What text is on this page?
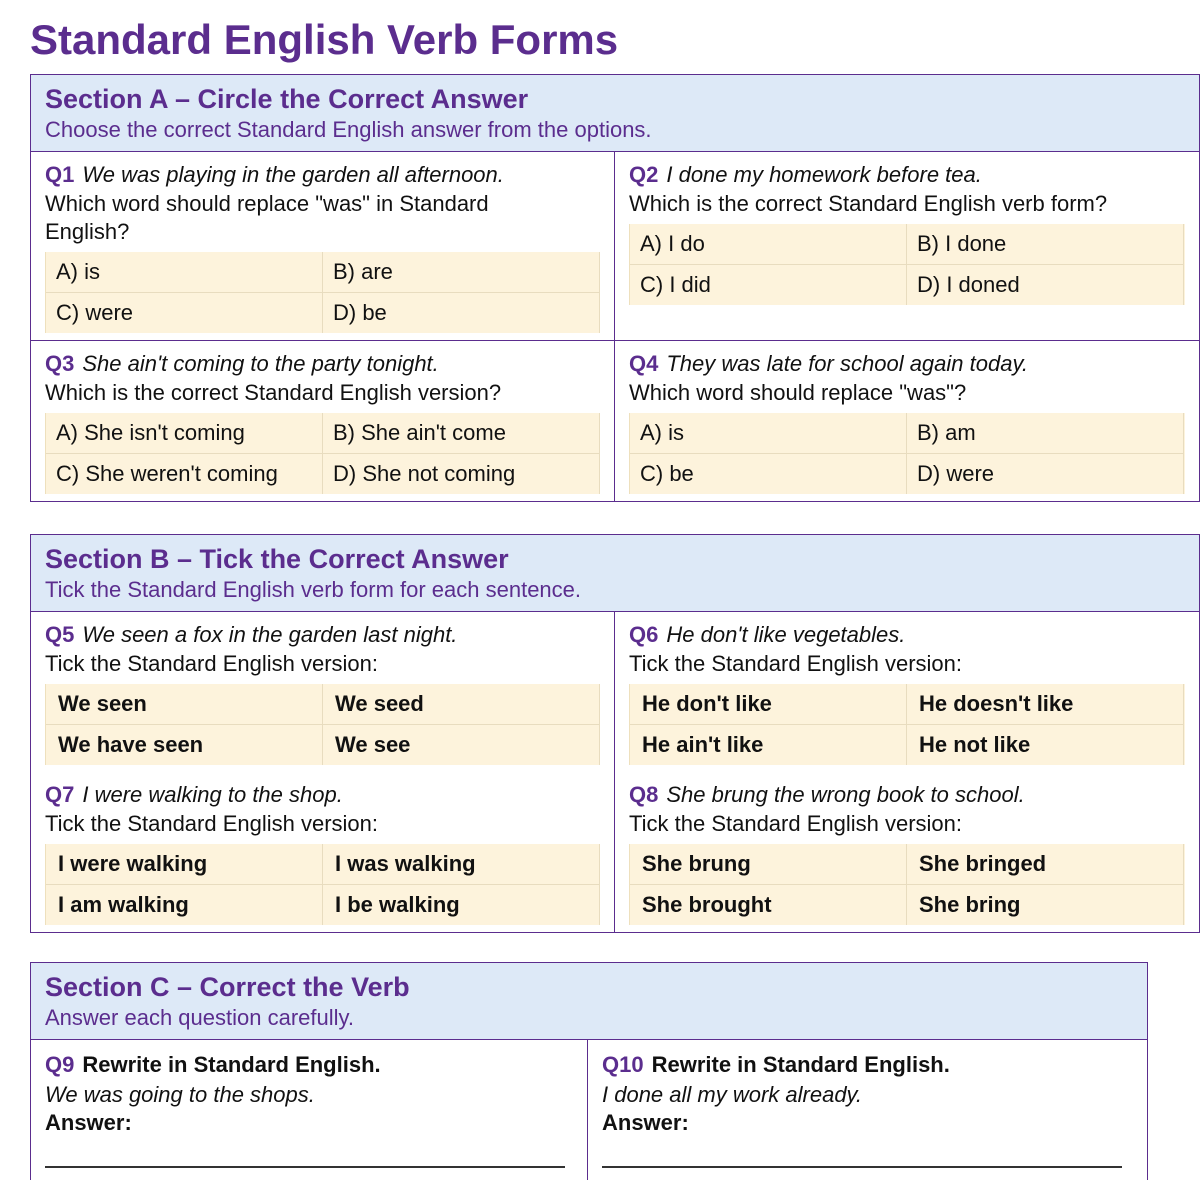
Standard English Verb Forms
Section A – Circle the Correct Answer
Choose the correct Standard English answer from the options.
Q1 We was playing in the garden all afternoon.
Which word should replace "was" in Standard English?
A) is	B) are
C) were	D) be
Q2 I done my homework before tea.
Which is the correct Standard English verb form?
A) I do	B) I done
C) I did	D) I doned
Q3 She ain't coming to the party tonight.
Which is the correct Standard English version?
A) She isn't coming	B) She ain't come
C) She weren't coming	D) She not coming
Q4 They was late for school again today.
Which word should replace "was"?
A) is	B) am
C) be	D) were
Section B – Tick the Correct Answer
Tick the Standard English verb form for each sentence.
Q5 We seen a fox in the garden last night.
Tick the Standard English version:
We seen	We seed
We have seen	We see
Q6 He don't like vegetables.
Tick the Standard English version:
He don't like	He doesn't like
He ain't like	He not like
Q7 I were walking to the shop.
Tick the Standard English version:
I were walking	I was walking
I am walking	I be walking
Q8 She brung the wrong book to school.
Tick the Standard English version:
She brung	She bringed
She brought	She bring
Section C – Correct the Verb
Answer each question carefully.
Q9 Rewrite in Standard English.
We was going to the shops.
Answer:
Q10 Rewrite in Standard English.
I done all my work already.
Answer:
